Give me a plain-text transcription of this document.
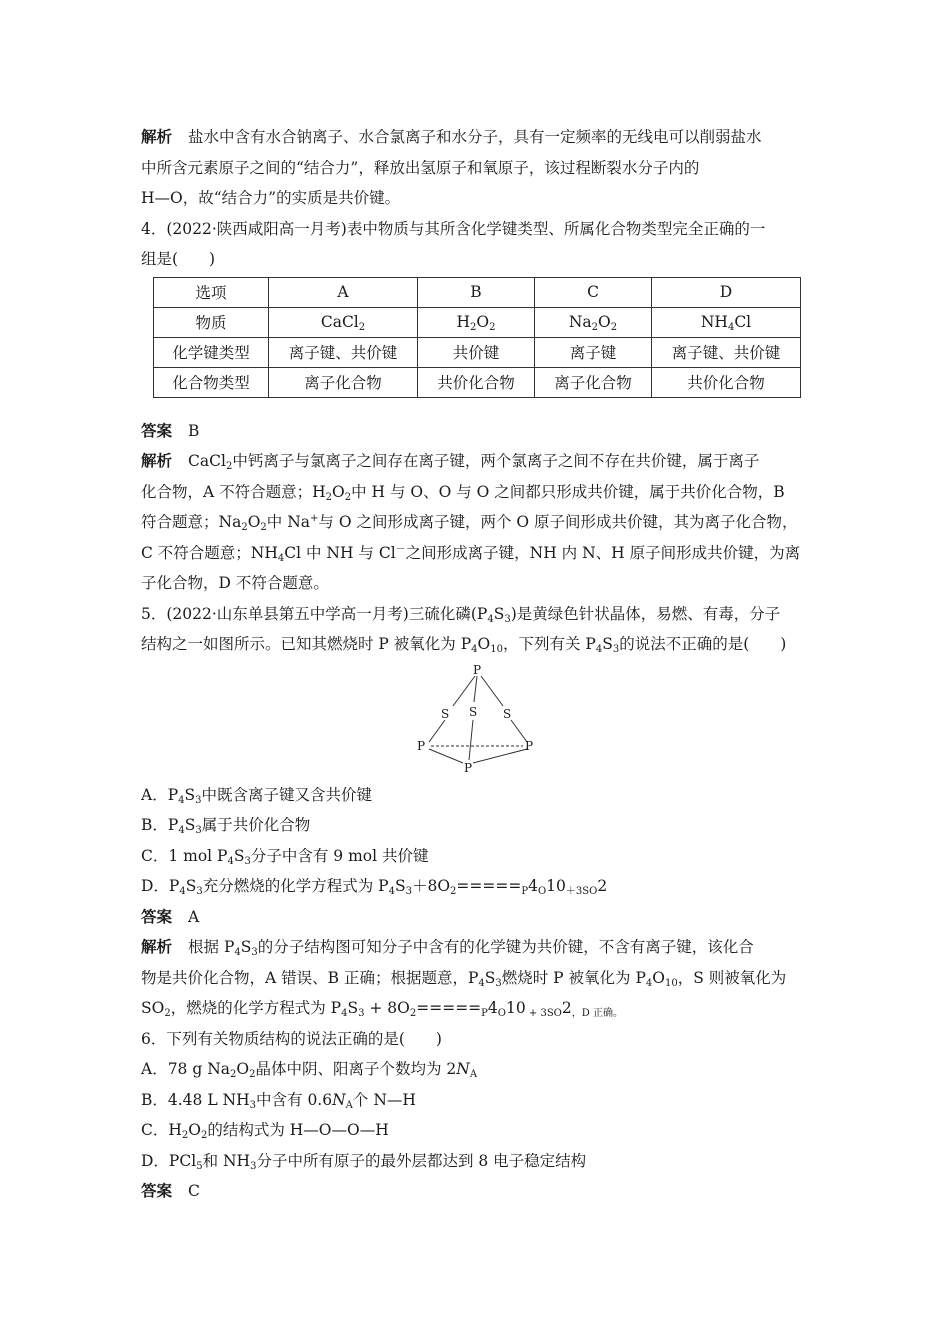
解析 盐水中含有水合钠离子、水合氯离子和水分子，具有一定频率的无线电可以削弱盐水
中所含元素原子之间的“结合力”，释放出氢原子和氧原子，该过程断裂水分子内的
H—O，故“结合力”的实质是共价键。
4．(2022·陕西咸阳高一月考)表中物质与其所含化学键类型、所属化合物类型完全正确的一
组是(　　)
选项	A	B	C	D
物质	CaCl$_2$	$H_2O_2$	$Na_2O_2$	$NH_4Cl$
化学键类型	离子键、共价键	共价键	离子键	离子键、共价键
化合物类型	离子化合物	共价化合物	离子化合物	共价化合物
答案 B
解析 CaCl$_2$中钙离子与氯离子之间存在离子键，两个氯离子之间不存在共价键，属于离子
化合物，A 不符合题意；$H_2O_2$中 H 与 O、O 与 O 之间都只形成共价键，属于共价化合物，B
符合题意；$Na_2O_2$中 Na+与 O 之间形成离子键，两个 O 原子间形成共价键，其为离子化合物，
C 不符合题意；$NH_4Cl$ 中 NH 与 Cl－之间形成离子键，NH 内 N、H 原子间形成共价键，为离
子化合物，D 不符合题意。
5．(2022·山东单县第五中学高一月考)三硫化磷$(P_4S_3)$是黄绿色针状晶体，易燃、有毒，分子
结构之一如图所示。已知其燃烧时 P 被氧化为 $P_4O_{10}$，下列有关 $P_4S_3$的说法不正确的是(　　)
P
S S S
P	P
P
A．$P_4S_3$中既含离子键又含共价键
B．$P_4S_3$属于共价化合物
C．1 mol $P_4S_3$分子中含有 9 mol 共价键
D．$P_4S_3$充分燃烧的化学方程式为 $P_4S_3+8O_2=====_P4_O10_{+3SO}2$
答案 A
解析 根据 $P_4S_3$的分子结构图可知分子中含有的化学键为共价键，不含有离子键，该化合
物是共价化合物，A 错误、B 正确；根据题意，$P_4S_3$燃烧时 P 被氧化为 $P_4O_{10}$，S 则被氧化为
$SO_2$，燃烧的化学方程式为 $P_4S_3 + 8O_2=====_P4_O10$ $_{+ 3SO}2_{,D 正确。}$
6．下列有关物质结构的说法正确的是(　　)
A．78 g $Na_2O_2$晶体中阴、阳离子个数均为 $2N_A$
B．4.48 L $NH_3$中含有 $0.6N_A$个 N—H
C．$H_2O_2$的结构式为 H—O—O—H
D．PCl$_5$和 $NH_3$分子中所有原子的最外层都达到 8 电子稳定结构
答案 C
